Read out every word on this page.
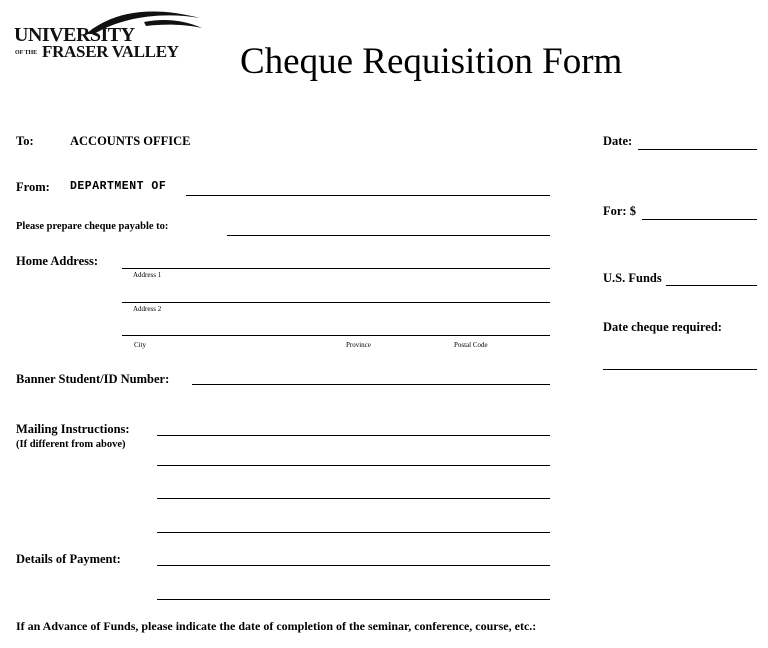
UNIVERSITY
OF THE FRASER VALLEY Cheque Requisition Form
To:	ACCOUNTS OFFICE
From: DEPARTMENT OF
Please prepare cheque payable to:
Home Address:
Address 1
Address 2
City	Province	Postal Code
Banner Student/ID Number:
Mailing Instructions:
(If different from above)
Details of Payment:
Date:
For: $
U.S. Funds
Date cheque required:
If an Advance of Funds, please indicate the date of completion of the seminar, conference, course, etc.:
